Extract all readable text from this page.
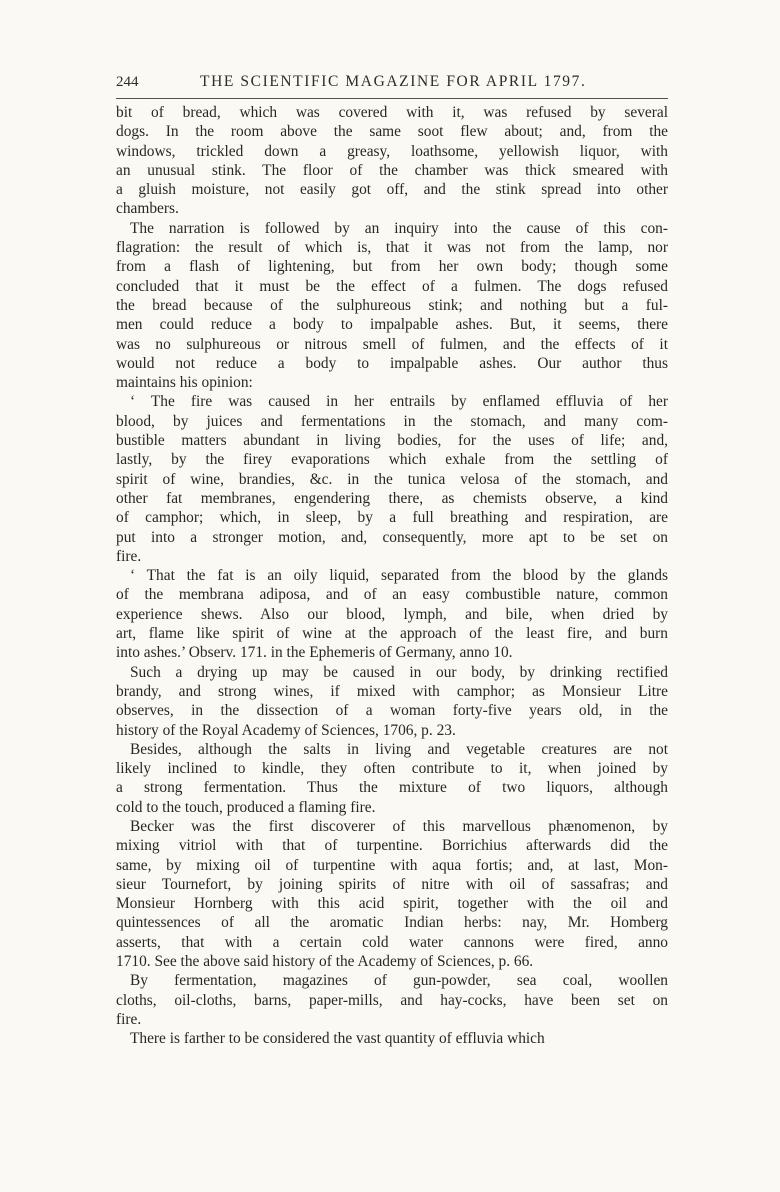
244	THE SCIENTIFIC MAGAZINE FOR APRIL 1797.

bit of bread, which was covered with it, was refused by several

dogs. In the room above the same soot flew about; and, from the

windows, trickled down a greasy, loathsome, yellowish liquor, with

an unusual stink. The floor of the chamber was thick smeared with

a gluish moisture, not easily got off, and the stink spread into other

chambers.

The narration is followed by an inquiry into the cause of this con-

flagration: the result of which is, that it was not from the lamp, nor

from a flash of lightening, but from her own body; though some

concluded that it must be the effect of a fulmen. The dogs refused

the bread because of the sulphureous stink; and nothing but a ful-

men could reduce a body to impalpable ashes. But, it seems, there

was no sulphureous or nitrous smell of fulmen, and the effects of it

would not reduce a body to impalpable ashes. Our author thus

maintains his opinion:

‘ The fire was caused in her entrails by enflamed effluvia of her

blood, by juices and fermentations in the stomach, and many com-

bustible matters abundant in living bodies, for the uses of life; and,

lastly, by the firey evaporations which exhale from the settling of

spirit of wine, brandies, &c. in the tunica velosa of the stomach, and

other fat membranes, engendering there, as chemists observe, a kind

of camphor; which, in sleep, by a full breathing and respiration, are

put into a stronger motion, and, consequently, more apt to be set on

fire.

‘ That the fat is an oily liquid, separated from the blood by the glands

of the membrana adiposa, and of an easy combustible nature, common

experience shews. Also our blood, lymph, and bile, when dried by

art, flame like spirit of wine at the approach of the least fire, and burn

into ashes.’ Observ. 171. in the Ephemeris of Germany, anno 10.

Such a drying up may be caused in our body, by drinking rectified

brandy, and strong wines, if mixed with camphor; as Monsieur Litre

observes, in the dissection of a woman forty-five years old, in the

history of the Royal Academy of Sciences, 1706, p. 23.

Besides, although the salts in living and vegetable creatures are not

likely inclined to kindle, they often contribute to it, when joined by

a strong fermentation. Thus the mixture of two liquors, although

cold to the touch, produced a flaming fire.

Becker was the first discoverer of this marvellous phænomenon, by

mixing vitriol with that of turpentine. Borrichius afterwards did the

same, by mixing oil of turpentine with aqua fortis; and, at last, Mon-

sieur Tournefort, by joining spirits of nitre with oil of sassafras; and

Monsieur Hornberg with this acid spirit, together with the oil and

quintessences of all the aromatic Indian herbs: nay, Mr. Homberg

asserts, that with a certain cold water cannons were fired, anno

1710. See the above said history of the Academy of Sciences, p. 66.

By fermentation, magazines of gun-powder, sea coal, woollen

cloths, oil-cloths, barns, paper-mills, and hay-cocks, have been set on

fire.

There is farther to be considered the vast quantity of effluvia which
